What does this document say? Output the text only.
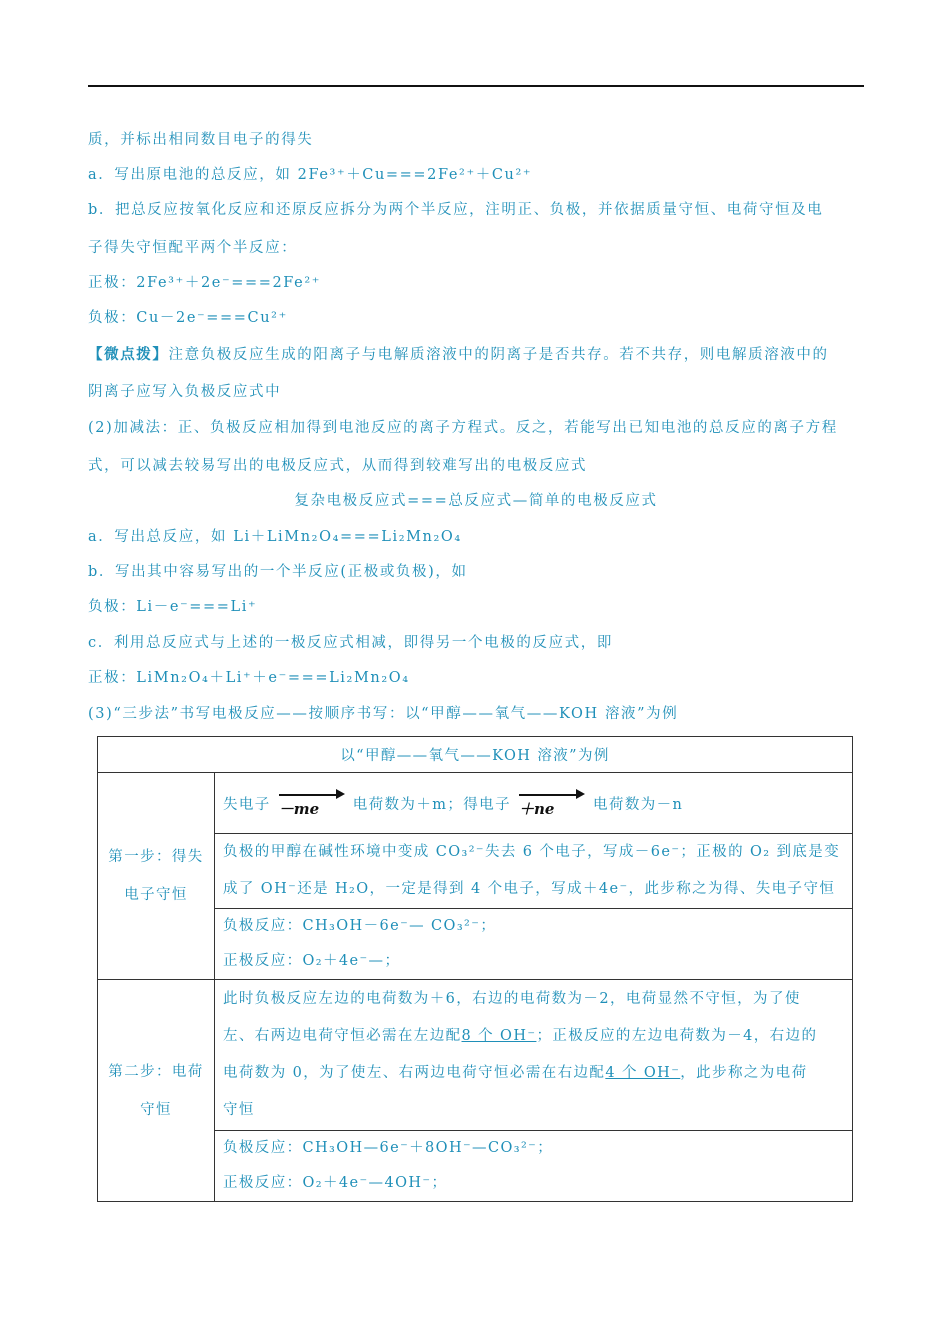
质，并标出相同数目电子的得失
a．写出原电池的总反应，如 2Fe³⁺＋Cu===2Fe²⁺＋Cu²⁺
b．把总反应按氧化反应和还原反应拆分为两个半反应，注明正、负极，并依据质量守恒、电荷守恒及电
子得失守恒配平两个半反应：
正极：2Fe³⁺＋2e⁻===2Fe²⁺
负极：Cu－2e⁻===Cu²⁺
【微点拨】注意负极反应生成的阳离子与电解质溶液中的阴离子是否共存。若不共存，则电解质溶液中的
阴离子应写入负极反应式中
(2)加减法：正、负极反应相加得到电池反应的离子方程式。反之，若能写出已知电池的总反应的离子方程
式，可以减去较易写出的电极反应式，从而得到较难写出的电极反应式
复杂电极反应式===总反应式—简单的电极反应式
a．写出总反应，如 Li＋LiMn₂O₄===Li₂Mn₂O₄
b．写出其中容易写出的一个半反应(正极或负极)，如
负极：Li－e⁻===Li⁺
c．利用总反应式与上述的一极反应式相减，即得另一个电极的反应式，即
正极：LiMn₂O₄＋Li⁺＋e⁻===Li₂Mn₂O₄
(3)“三步法”书写电极反应——按顺序书写：以“甲醇——氧气——KOH 溶液”为例
以“甲醇——氧气——KOH 溶液”为例	
第一步：得失电子守恒	失电子 －me 电荷数为＋m；得电子 ＋ne 电荷数为－n

	负极的甲醇在碱性环境中变成 CO₃²⁻失去 6 个电子，写成－6e⁻；正极的 O₂ 到底是变
成了 OH⁻还是 H₂O，一定是得到 4 个电子，写成＋4e⁻，此步称之为得、失电子守恒

	负极反应：CH₃OH－6e⁻— CO₃²⁻；
正极反应：O₂＋4e⁻—；

第二步：电荷守恒	此时负极反应左边的电荷数为＋6，右边的电荷数为－2，电荷显然不守恒，为了使
左、右两边电荷守恒必需在左边配8 个 OH⁻；正极反应的左边电荷数为－4，右边的
电荷数为 0，为了使左、右两边电荷守恒必需在右边配4 个 OH⁻，此步称之为电荷
守恒

	负极反应：CH₃OH—6e⁻＋8OH⁻—CO₃²⁻；
正极反应：O₂＋4e⁻—4OH⁻；
